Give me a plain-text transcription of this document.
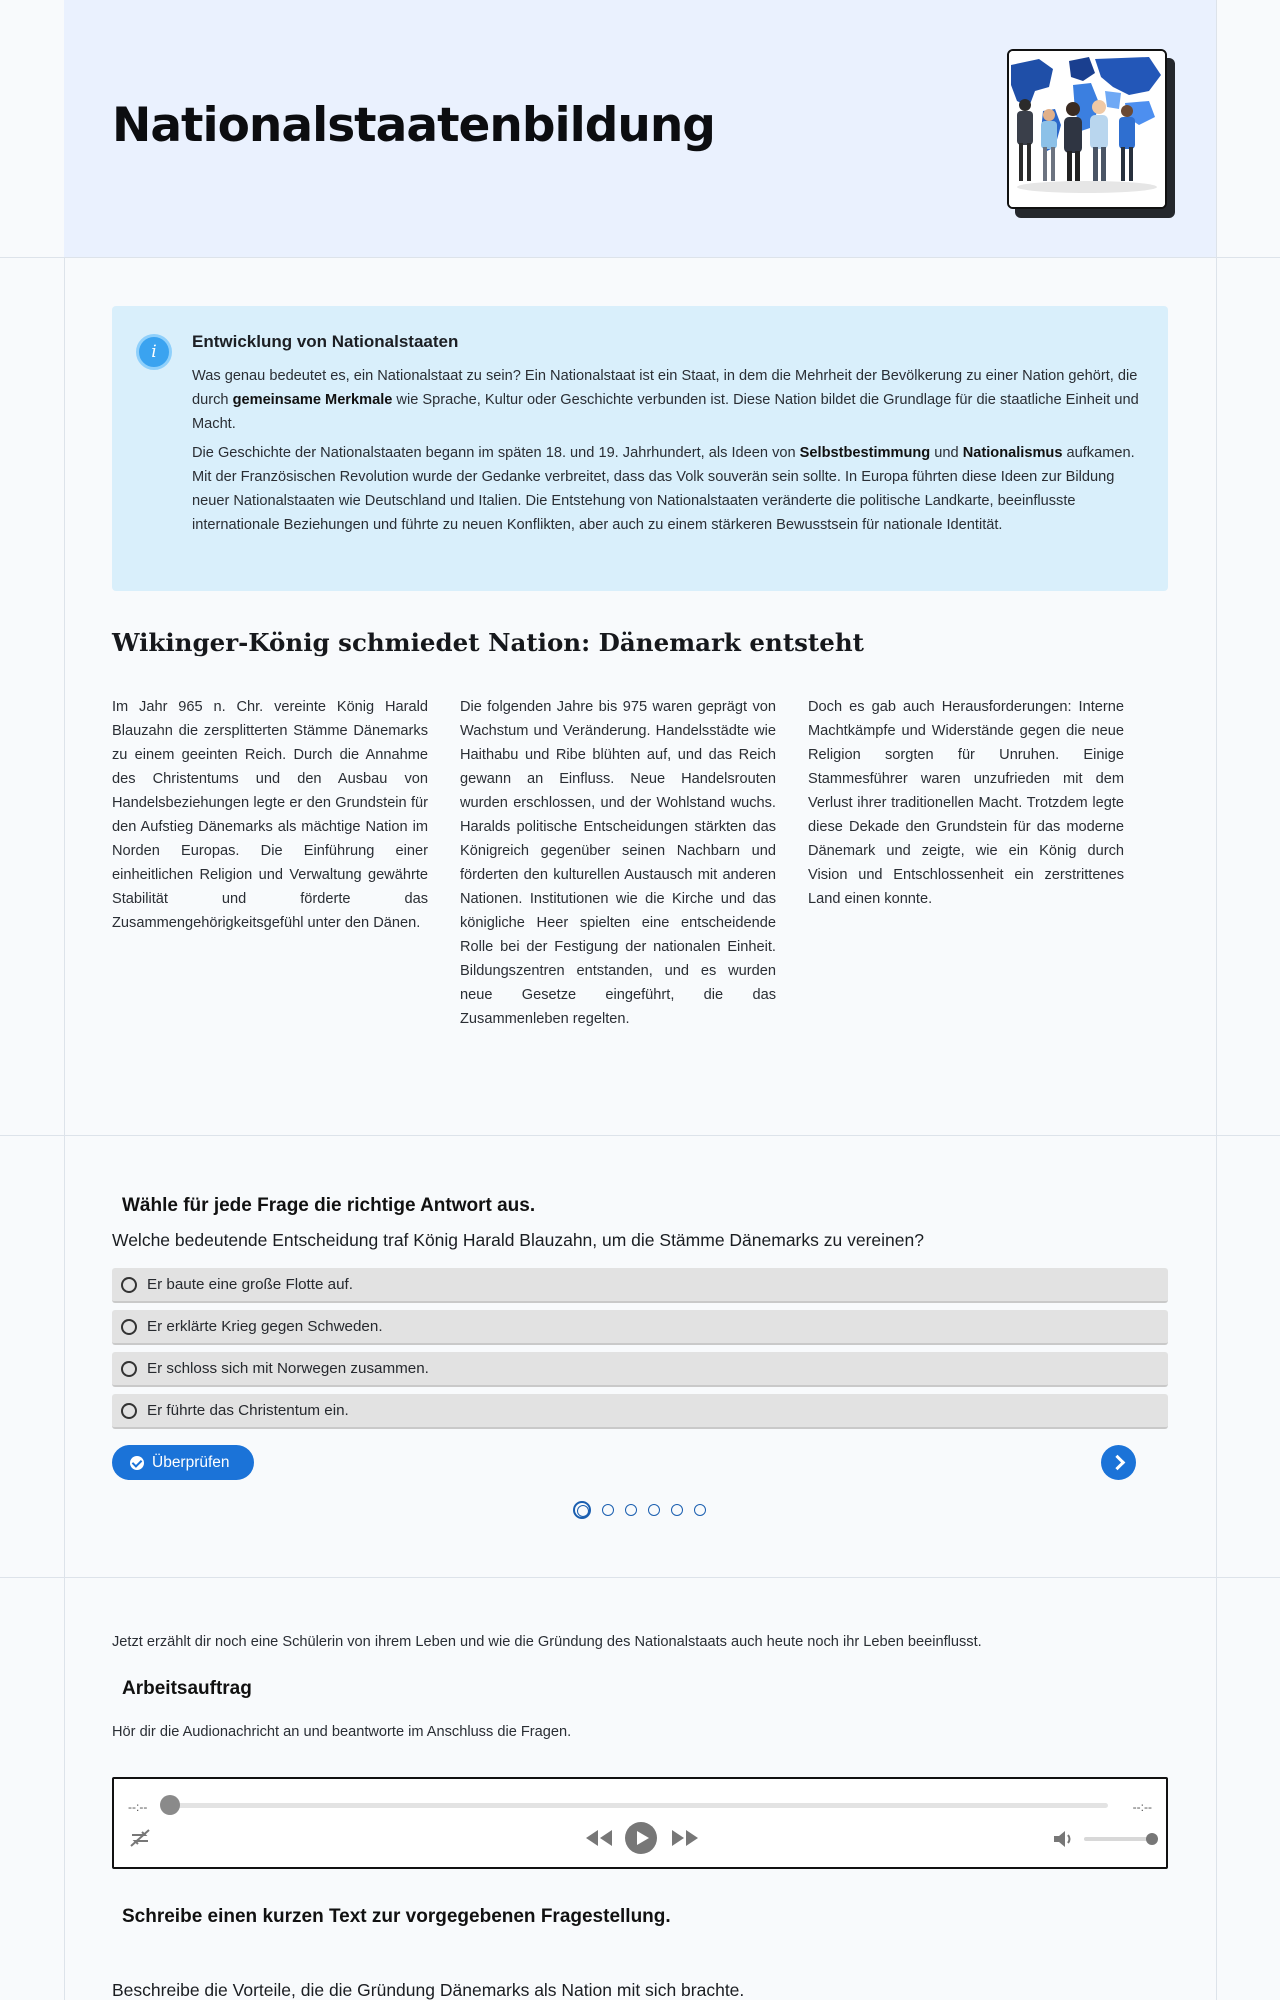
Nationalstaatenbildung
i
Entwicklung von Nationalstaaten

Was genau bedeutet es, ein Nationalstaat zu sein? Ein Nationalstaat ist ein Staat, in dem die Mehrheit der Bevölkerung zu einer Nation gehört, die durch gemeinsame Merkmale wie Sprache, Kultur oder Geschichte verbunden ist. Diese Nation bildet die Grundlage für die staatliche Einheit und Macht.

Die Geschichte der Nationalstaaten begann im späten 18. und 19. Jahrhundert, als Ideen von Selbstbestimmung und Nationalismus aufkamen. Mit der Französischen Revolution wurde der Gedanke verbreitet, dass das Volk souverän sein sollte. In Europa führten diese Ideen zur Bildung neuer Nationalstaaten wie Deutschland und Italien. Die Entstehung von Nationalstaaten veränderte die politische Landkarte, beeinflusste internationale Beziehungen und führte zu neuen Konflikten, aber auch zu einem stärkeren Bewusstsein für nationale Identität.

Wikinger-König schmiedet Nation: Dänemark entsteht

Im Jahr 965 n. Chr. vereinte König Harald Blauzahn die zersplitterten Stämme Dänemarks zu einem geeinten Reich. Durch die Annahme des Christentums und den Ausbau von Handelsbeziehungen legte er den Grundstein für den Aufstieg Dänemarks als mächtige Nation im Norden Europas. Die Einführung einer einheitlichen Religion und Verwaltung gewährte Stabilität und förderte das Zusammengehörigkeitsgefühl unter den Dänen.

Die folgenden Jahre bis 975 waren geprägt von Wachstum und Veränderung. Handelsstädte wie Haithabu und Ribe blühten auf, und das Reich gewann an Einfluss. Neue Handelsrouten wurden erschlossen, und der Wohlstand wuchs. Haralds politische Entscheidungen stärkten das Königreich gegenüber seinen Nachbarn und förderten den kulturellen Austausch mit anderen Nationen. Institutionen wie die Kirche und das königliche Heer spielten eine entscheidende Rolle bei der Festigung der nationalen Einheit. Bildungszentren entstanden, und es wurden neue Gesetze eingeführt, die das Zusammenleben regelten.

Doch es gab auch Herausforderungen: Interne Machtkämpfe und Widerstände gegen die neue Religion sorgten für Unruhen. Einige Stammesführer waren unzufrieden mit dem Verlust ihrer traditionellen Macht. Trotzdem legte diese Dekade den Grundstein für das moderne Dänemark und zeigte, wie ein König durch Vision und Entschlossenheit ein zerstrittenes Land einen konnte.

Wähle für jede Frage die richtige Antwort aus.
Welche bedeutende Entscheidung traf König Harald Blauzahn, um die Stämme Dänemarks zu vereinen?
Er baute eine große Flotte auf.
Er erklärte Krieg gegen Schweden.
Er schloss sich mit Norwegen zusammen.
Er führte das Christentum ein.
Überprüfen

Jetzt erzählt dir noch eine Schülerin von ihrem Leben und wie die Gründung des Nationalstaats auch heute noch ihr Leben beeinflusst.

Arbeitsauftrag

Hör dir die Audionachricht an und beantworte im Anschluss die Fragen.

--:--	--:--
Schreibe einen kurzen Text zur vorgegebenen Fragestellung.

Beschreibe die Vorteile, die die Gründung Dänemarks als Nation mit sich brachte.
